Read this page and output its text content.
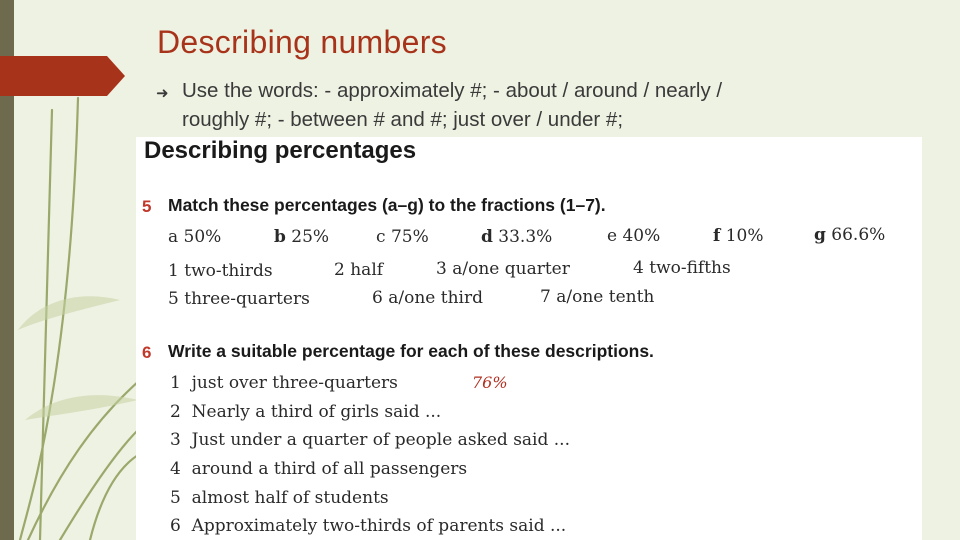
Describing numbers
➜ Use the words: - approximately #; - about / around / nearly /
roughly #; - between # and #; just over / under #;
Describing percentages
5 Match these percentages (a–g) to the fractions (1–7).
a 50%	b 25%	c 75%	d 33.3%	e 40%	f 10%	g 66.6%
1 two-thirds	2 half	3 a/one quarter	4 two-fifths
5 three-quarters	6 a/one third	7 a/one tenth
6 Write a suitable percentage for each of these descriptions.
1 just over three-quarters	76%
2 Nearly a third of girls said ...
3 Just under a quarter of people asked said ...
4 around a third of all passengers
5 almost half of students
6 Approximately two-thirds of parents said ...
